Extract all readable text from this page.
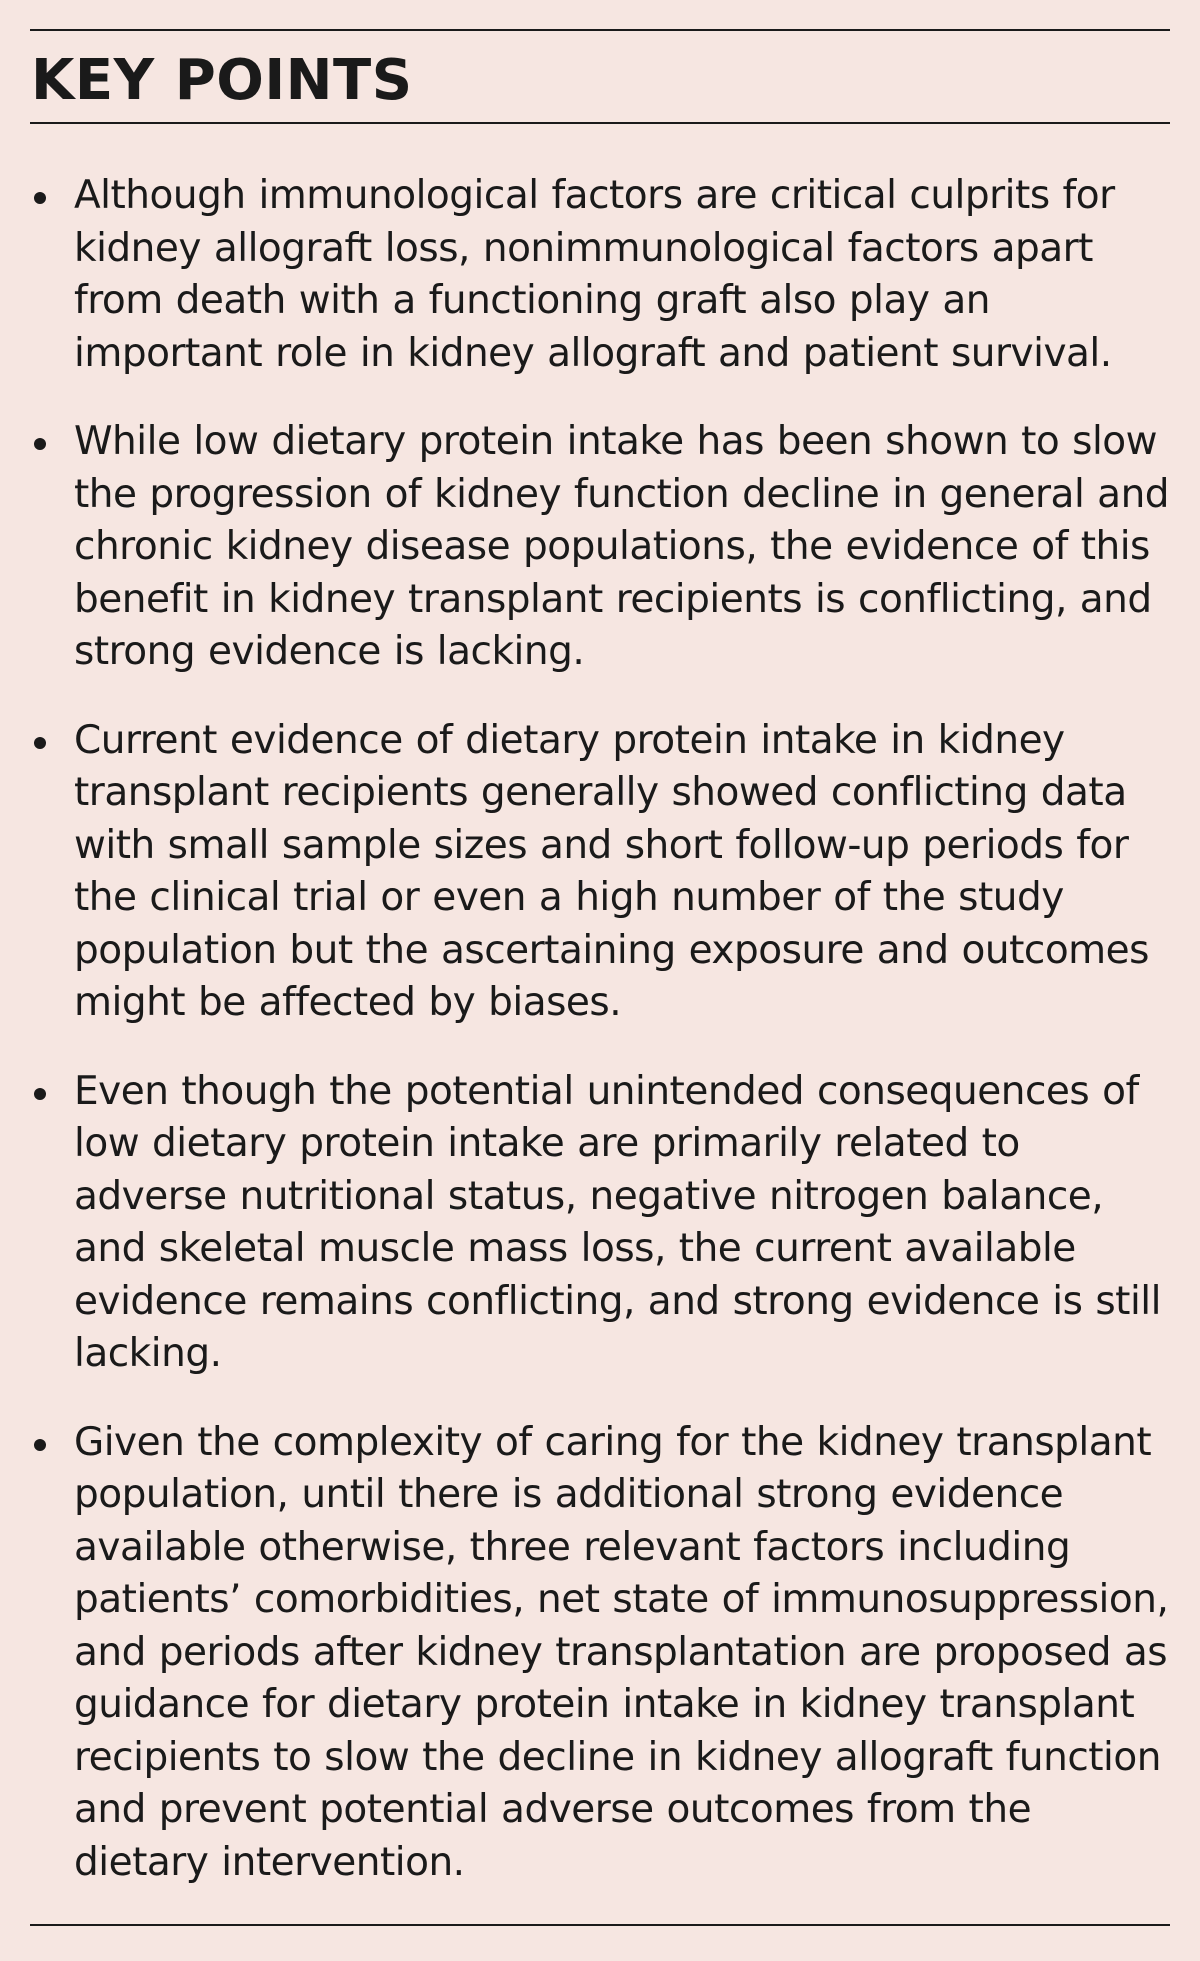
KEY POINTS
Although immunological factors are critical culprits for kidney allograft loss, nonimmunological factors apart from death with a functioning graft also play an important role in kidney allograft and patient survival.
While low dietary protein intake has been shown to slow the progression of kidney function decline in general and chronic kidney disease populations, the evidence of this benefit in kidney transplant recipients is conflicting, and strong evidence is lacking.
Current evidence of dietary protein intake in kidney transplant recipients generally showed conflicting data with small sample sizes and short follow-up periods for the clinical trial or even a high number of the study population but the ascertaining exposure and outcomes might be affected by biases.
Even though the potential unintended consequences of low dietary protein intake are primarily related to adverse nutritional status, negative nitrogen balance, and skeletal muscle mass loss, the current available evidence remains conflicting, and strong evidence is still lacking.
Given the complexity of caring for the kidney transplant population, until there is additional strong evidence available otherwise, three relevant factors including patients’ comorbidities, net state of immunosuppression, and periods after kidney transplantation are proposed as guidance for dietary protein intake in kidney transplant recipients to slow the decline in kidney allograft function and prevent potential adverse outcomes from the dietary intervention.
